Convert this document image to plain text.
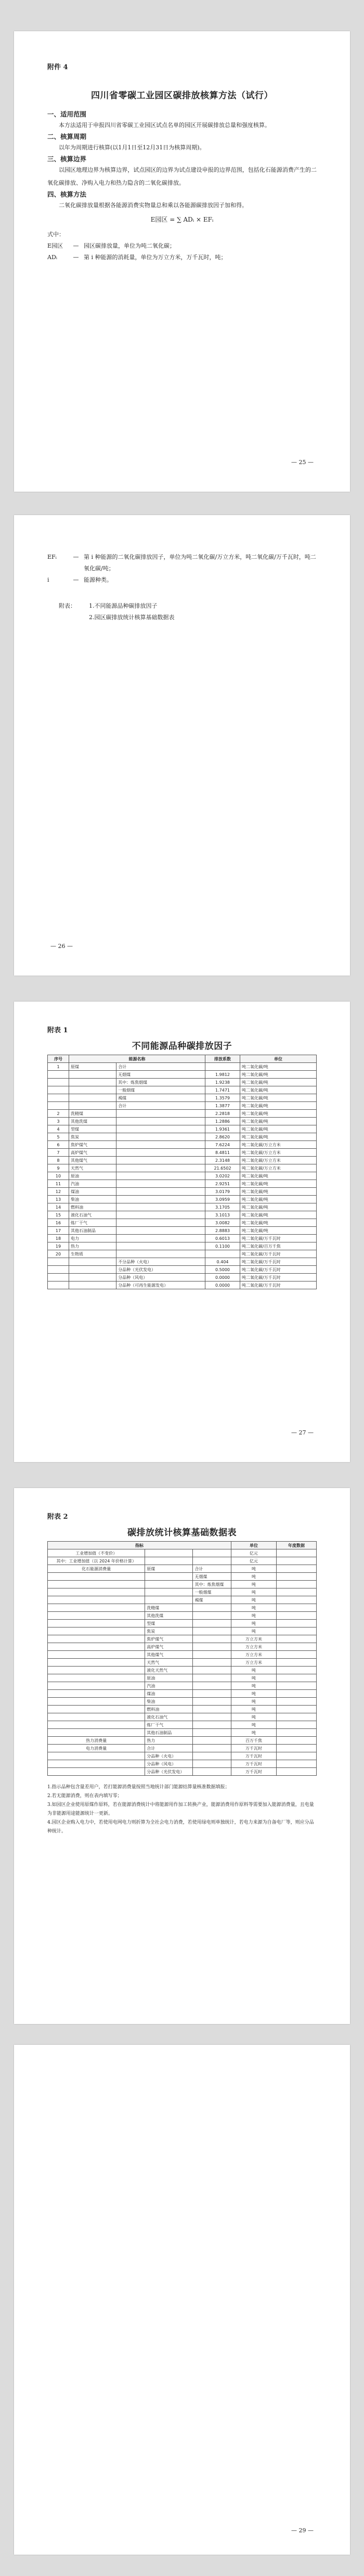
附件 4
四川省零碳工业园区碳排放核算方法（试行）
一、适用范围
本方法适用于申报四川省零碳工业园区试点名单的园区开展碳排放总量和强度核算。
二、核算周期
以年为周期进行核算(以1月1日至12月31日为核算周期)。
三、核算边界
以园区地理边界为核算边界，试点园区的边界为试点建设申报的边界范围，包括化石能源消费产生的二氧化碳排放、净购入电力和热力隐含的二氧化碳排放。
四、核算方法
二氧化碳排放量根据各能源消费实物量总和乘以各能源碳排放因子加和得。
E园区 = ∑ ADᵢ × EFᵢ
式中：
E园区	— 园区碳排放量，单位为吨二氧化碳；
ADᵢ	— 第 i 种能源的消耗量，单位为万立方米，万千瓦时，吨；
— 25 —
EFᵢ	— 第 i 种能源的二氧化碳排放因子，单位为吨二氧化碳/万立方米，吨二氧化碳/万千瓦时，吨二氧化碳/吨；
i	— 能源种类。
附表：	1.不同能源品种碳排放因子
2.园区碳排放统计核算基础数据表
— 26 —
附表 1
不同能源品种碳排放因子
序号	能源名称		排放系数	单位
1	原煤	合计		吨二氧化碳/吨
		无烟煤	1.9812	吨二氧化碳/吨
		其中：炼焦烟煤	1.9238	吨二氧化碳/吨
		一般烟煤	1.7471	吨二氧化碳/吨
		褐煤	1.3579	吨二氧化碳/吨
		合计	1.3877	吨二氧化碳/吨
2	洗精煤		2.2818	吨二氧化碳/吨
3	其他洗煤		1.2886	吨二氧化碳/吨
4	型煤		1.9361	吨二氧化碳/吨
5	焦炭		2.8620	吨二氧化碳/吨
6	焦炉煤气		7.6224	吨二氧化碳/万立方米
7	高炉煤气		8.4811	吨二氧化碳/万立方米
8	其他煤气		2.3148	吨二氧化碳/万立方米
9	天然气		21.6502	吨二氧化碳/万立方米
10	原油		3.0202	吨二氧化碳/吨
11	汽油		2.9251	吨二氧化碳/吨
12	煤油		3.0179	吨二氧化碳/吨
13	柴油		3.0959	吨二氧化碳/吨
14	燃料油		3.1705	吨二氧化碳/吨
15	液化石油气		3.1013	吨二氧化碳/吨
16	炼厂干气		3.0082	吨二氧化碳/吨
17	其他石油制品		2.8883	吨二氧化碳/吨
18	电力		0.6013	吨二氧化碳/万千瓦时
19	热力		0.1100	吨二氧化碳/百万千焦
20	生物质			吨二氧化碳/万千瓦时
		不分品种（火电）	0.404	吨二氧化碳/万千瓦时
		分品种（光伏发电）	0.5000	吨二氧化碳/万千瓦时
		分品种（风电）	0.0000	吨二氧化碳/万千瓦时
		分品种（可再生能源发电）	0.0000	吨二氧化碳/万千瓦时
— 27 —
附表 2
碳排放统计核算基础数据表
指标			单位	年度数据
工业增加值（不变价）			亿元	
其中：工业增加值（以 2024 年价格计算）			亿元	
化石能源消费量	原煤	合计	吨	
		无烟煤	吨	
		其中：炼焦烟煤	吨	
		一般烟煤	吨	
		褐煤	吨	
	洗精煤		吨	
	其他洗煤		吨	
	型煤		吨	
	焦炭		吨	
	焦炉煤气		万立方米	
	高炉煤气		万立方米	
	其他煤气		万立方米	
	天然气		万立方米	
	液化天然气		吨	
	原油		吨	
	汽油		吨	
	煤油		吨	
	柴油		吨	
	燃料油		吨	
	液化石油气		吨	
	炼厂干气		吨	
	其他石油制品		吨	
热力消费量	热力		百万千焦	
电力消费量	合计		万千瓦时	
	分品种（火电）		万千瓦时	
	分品种（风电）		万千瓦时	
	分品种（光伏发电）		万千瓦时	
1.指示品种包含量差用户，若打能源消费量按照当地统计部门能源结算量核准数据填报；
2.若无能源消费，则在表内填写零；
3.如园区企业使用原煤作原料，若在能源消费统计中将能源用作加工转换产业，能源消费用作原料等需要加入能源消费量，且电量为非能源用途能源统计一更新。
4.园区企业购入电力中，若使用电网电力则折算为全社会电力消费，若使用绿电则单独统计，若电力来源为自备电厂等，则应分品种统计。
— 29 —
